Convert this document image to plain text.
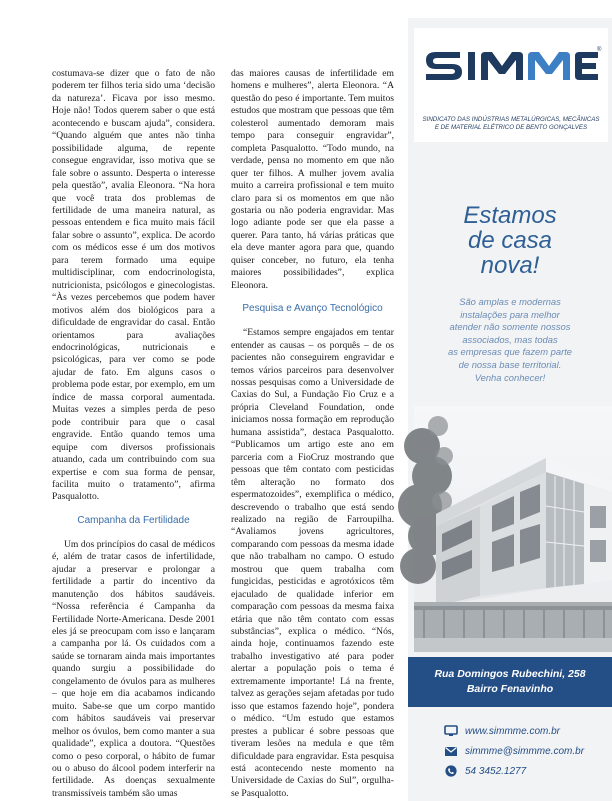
costumava-se dizer que o fato de não poderem ter filhos teria sido uma ‘decisão da natureza’. Ficava por isso mesmo. Hoje não! Todos querem saber o que está acontecendo e buscam ajuda”, considera. “Quando alguém que antes não tinha possibilidade alguma, de repente consegue engravidar, isso motiva que se fale sobre o assunto. Desperta o interesse pela questão”, avalia Eleonora. “Na hora que você trata dos problemas de fertilidade de uma maneira natural, as pessoas entendem e fica muito mais fácil falar sobre o assunto”, explica. De acordo com os médicos esse é um dos motivos para terem formado uma equipe multidisciplinar, com endocrinologista, nutricionista, psicólogos e ginecologistas. “Às vezes percebemos que podem haver motivos além dos biológicos para a dificuldade de engravidar do casal. Então orientamos para avaliações endocrinológicas, nutricionais e psicológicas, para ver como se pode ajudar de fato. Em alguns casos o problema pode estar, por exemplo, em um índice de massa corporal aumentada. Muitas vezes a simples perda de peso pode contribuir para que o casal engravide. Então quando temos uma equipe com diversos profissionais atuando, cada um contribuindo com sua expertise e com sua forma de pensar, facilita muito o tratamento”, afirma Pasqualotto.

Campanha da Fertilidade

Um dos princípios do casal de médicos é, além de tratar casos de infertilidade, ajudar a preservar e prolongar a fertilidade a partir do incentivo da manutenção dos hábitos saudáveis. “Nossa referência é Campanha da Fertilidade Norte-Americana. Desde 2001 eles já se preocupam com isso e lançaram a campanha por lá. Os cuidados com a saúde se tornaram ainda mais importantes quando surgiu a possibilidade do congelamento de óvulos para as mulheres – que hoje em dia acabamos indicando muito. Sabe-se que um corpo mantido com hábitos saudáveis vai preservar melhor os óvulos, bem como manter a sua qualidade”, explica a doutora. “Questões como o peso corporal, o hábito de fumar ou o abuso do álcool podem interferir na fertilidade. As doenças sexualmente transmissíveis também são umas

das maiores causas de infertilidade em homens e mulheres”, alerta Eleonora. “A questão do peso é importante. Tem muitos estudos que mostram que pessoas que têm colesterol aumentado demoram mais tempo para conseguir engravidar”, completa Pasqualotto. “Todo mundo, na verdade, pensa no momento em que não quer ter filhos. A mulher jovem avalia muito a carreira profissional e tem muito claro para si os momentos em que não gostaria ou não poderia engravidar. Mas logo adiante pode ser que ela passe a querer. Para tanto, há várias práticas que ela deve manter agora para que, quando quiser conceber, no futuro, ela tenha maiores possibilidades”, explica Eleonora.

Pesquisa e Avanço Tecnológico

“Estamos sempre engajados em tentar entender as causas – os porquês – de os pacientes não conseguirem engravidar e temos vários parceiros para desenvolver nossas pesquisas como a Universidade de Caxias do Sul, a Fundação Fio Cruz e a própria Cleveland Foundation, onde iniciamos nossa formação em reprodução humana assistida”, destaca Pasqualotto. “Publicamos um artigo este ano em parceria com a FioCruz mostrando que pessoas que têm contato com pesticidas têm alteração no formato dos espermatozoides”, exemplifica o médico, descrevendo o trabalho que está sendo realizado na região de Farroupilha. “Avaliamos jovens agricultores, comparando com pessoas da mesma idade que não trabalham no campo. O estudo mostrou que quem trabalha com fungicidas, pesticidas e agrotóxicos têm ejaculado de qualidade inferior em comparação com pessoas da mesma faixa etária que não têm contato com essas substâncias”, explica o médico. “Nós, ainda hoje, continuamos fazendo este trabalho investigativo até para poder alertar a população pois o tema é extremamente importante! Lá na frente, talvez as gerações sejam afetadas por tudo isso que estamos fazendo hoje”, pondera o médico. “Um estudo que estamos prestes a publicar é sobre pessoas que tiveram lesões na medula e que têm dificuldade para engravidar. Esta pesquisa está acontecendo neste momento na Universidade de Caxias do Sul”, orgulha-se Pasqualotto.

®
SINDICATO DAS INDÚSTRIAS METALÚRGICAS, MECÂNICAS
E DE MATERIAL ELÉTRICO DE BENTO GONÇALVES
Estamos
de casa
nova!
São amplas e modernas
instalações para melhor
atender não somente nossos
associados, mas todas
as empresas que fazem parte
de nossa base territorial.
Venha conhecer!
Rua Domingos Rubechini, 258
Bairro Fenavinho
www.simmme.com.br
simmme@simmme.com.br
54 3452.1277
